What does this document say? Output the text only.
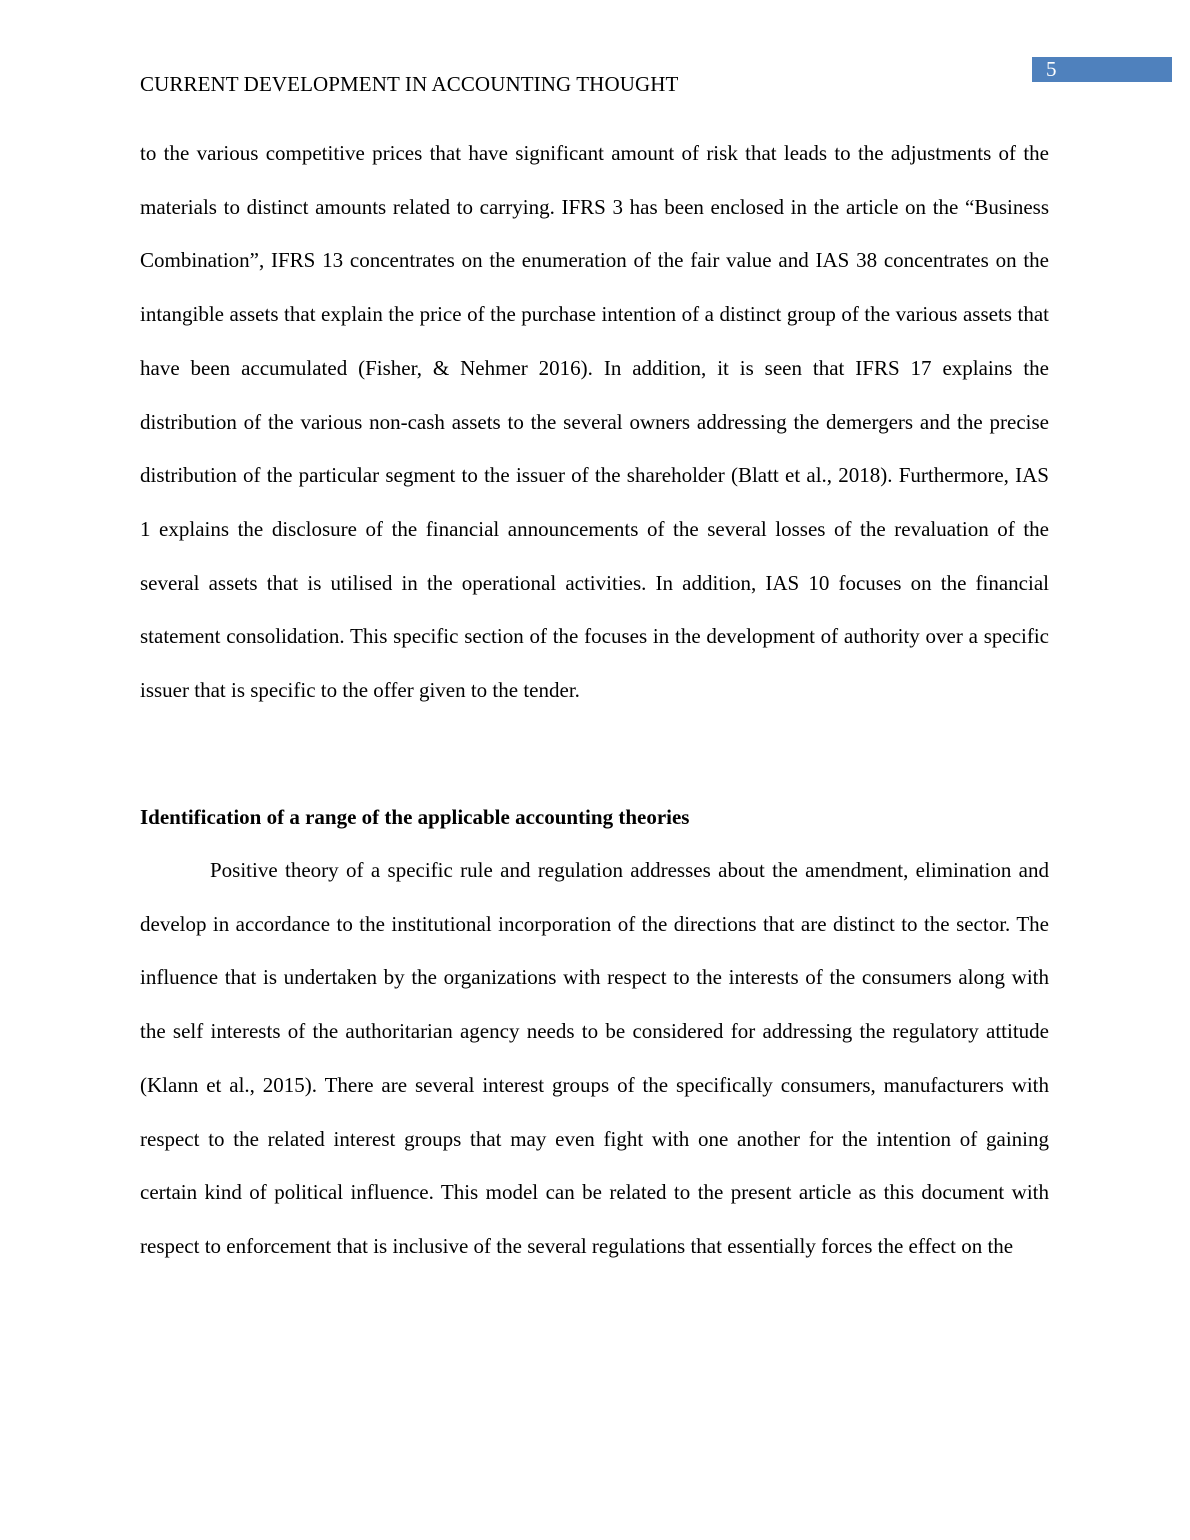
5
CURRENT DEVELOPMENT IN ACCOUNTING THOUGHT

to the various competitive prices that have significant amount of risk that leads to the adjustments of the materials to distinct amounts related to carrying. IFRS 3 has been enclosed in the article on the “Business Combination”, IFRS 13 concentrates on the enumeration of the fair value and IAS 38 concentrates on the intangible assets that explain the price of the purchase intention of a distinct group of the various assets that have been accumulated (Fisher, & Nehmer 2016). In addition, it is seen that IFRS 17 explains the distribution of the various non-cash assets to the several owners addressing the demergers and the precise distribution of the particular segment to the issuer of the shareholder (Blatt et al., 2018). Furthermore, IAS 1 explains the disclosure of the financial announcements of the several losses of the revaluation of the several assets that is utilised in the operational activities. In addition, IAS 10 focuses on the financial statement consolidation. This specific section of the focuses in the development of authority over a specific issuer that is specific to the offer given to the tender.

Identification of a range of the applicable accounting theories

Positive theory of a specific rule and regulation addresses about the amendment, elimination and develop in accordance to the institutional incorporation of the directions that are distinct to the sector. The influence that is undertaken by the organizations with respect to the interests of the consumers along with the self interests of the authoritarian agency needs to be considered for addressing the regulatory attitude (Klann et al., 2015). There are several interest groups of the specifically consumers, manufacturers with respect to the related interest groups that may even fight with one another for the intention of gaining certain kind of political influence. This model can be related to the present article as this document with respect to enforcement that is inclusive of the several regulations that essentially forces the effect on the
